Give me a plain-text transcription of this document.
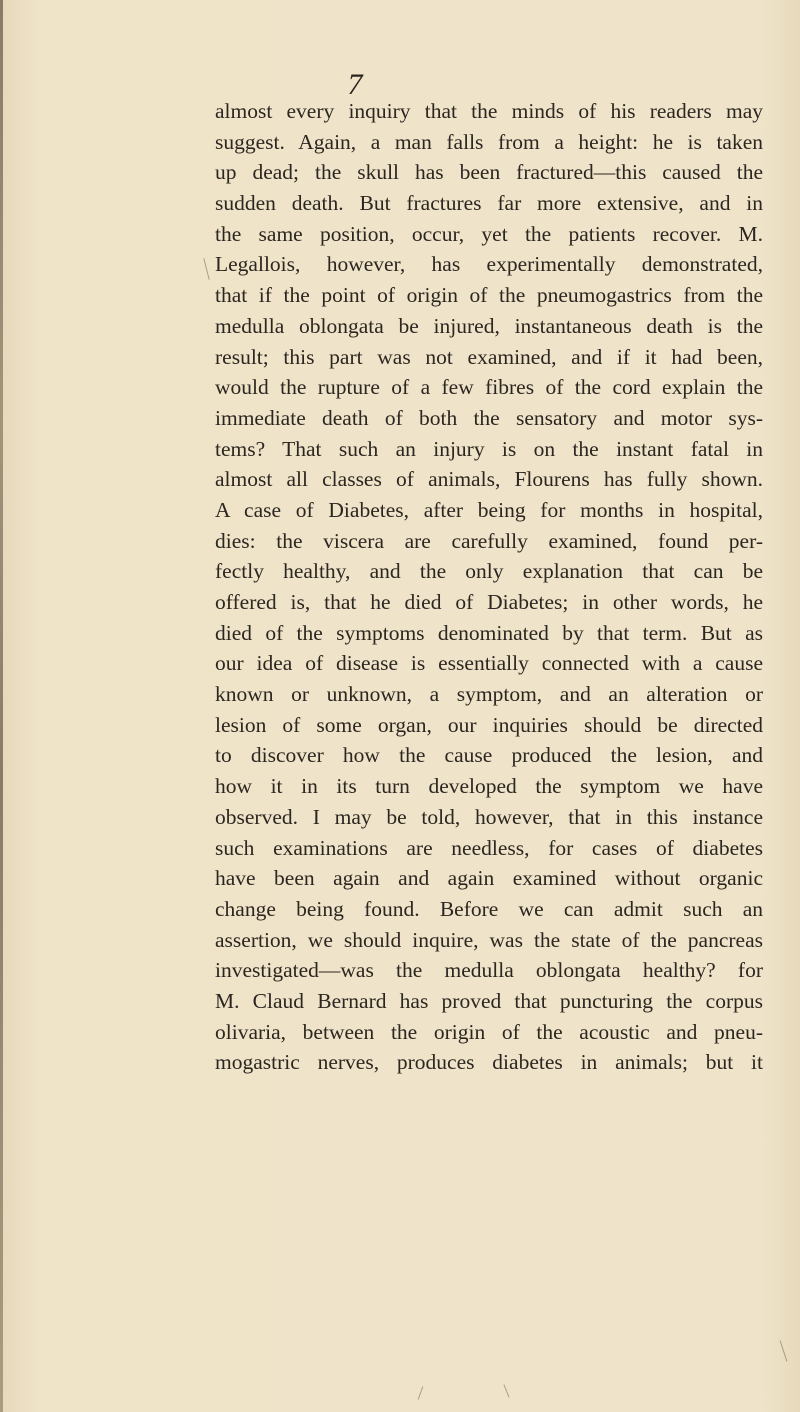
7
almost every inquiry that the minds of his readers may
suggest. Again, a man falls from a height: he is taken
up dead; the skull has been fractured—this caused the
sudden death. But fractures far more extensive, and in
the same position, occur, yet the patients recover. M.
Legallois, however, has experimentally demonstrated,
that if the point of origin of the pneumogastrics from the
medulla oblongata be injured, instantaneous death is the
result; this part was not examined, and if it had been,
would the rupture of a few fibres of the cord explain the
immediate death of both the sensatory and motor sys-
tems? That such an injury is on the instant fatal in
almost all classes of animals, Flourens has fully shown.
A case of Diabetes, after being for months in hospital,
dies: the viscera are carefully examined, found per-
fectly healthy, and the only explanation that can be
offered is, that he died of Diabetes; in other words, he
died of the symptoms denominated by that term. But as
our idea of disease is essentially connected with a cause
known or unknown, a symptom, and an alteration or
lesion of some organ, our inquiries should be directed
to discover how the cause produced the lesion, and
how it in its turn developed the symptom we have
observed. I may be told, however, that in this instance
such examinations are needless, for cases of diabetes
have been again and again examined without organic
change being found. Before we can admit such an
assertion, we should inquire, was the state of the pancreas
investigated—was the medulla oblongata healthy? for
M. Claud Bernard has proved that puncturing the corpus
olivaria, between the origin of the acoustic and pneu-
mogastric nerves, produces diabetes in animals; but it
